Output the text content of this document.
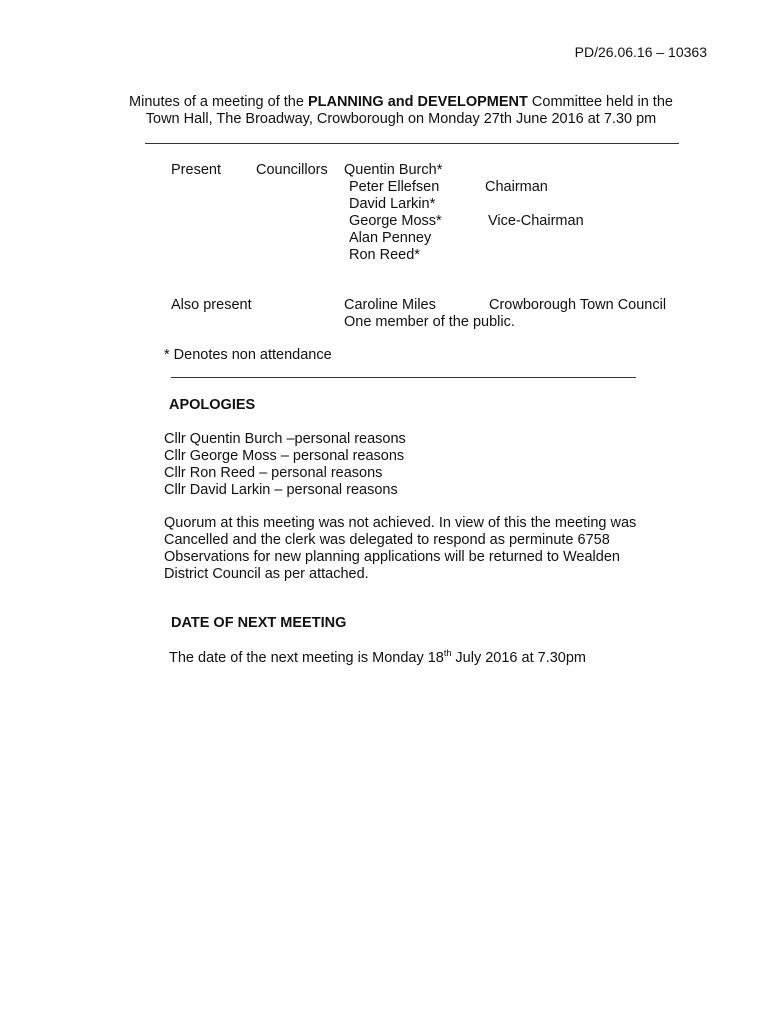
PD/26.06.16 – 10363
Minutes of a meeting of the PLANNING and DEVELOPMENT Committee held in the
Town Hall, The Broadway, Crowborough on Monday 27th June 2016 at 7.30 pm
Present Councillors Quentin Burch*
Peter Ellefsen	Chairman
David Larkin*
George Moss*	Vice-Chairman
Alan Penney
Ron Reed*
Also present	Caroline Miles	Crowborough Town Council
One member of the public.
* Denotes non attendance
APOLOGIES
Cllr Quentin Burch –personal reasons
Cllr George Moss – personal reasons
Cllr Ron Reed – personal reasons
Cllr David Larkin – personal reasons
Quorum at this meeting was not achieved. In view of this the meeting was
Cancelled and the clerk was delegated to respond as perminute 6758
Observations for new planning applications will be returned to Wealden
District Council as per attached.
DATE OF NEXT MEETING
The date of the next meeting is Monday 18th July 2016 at 7.30pm
